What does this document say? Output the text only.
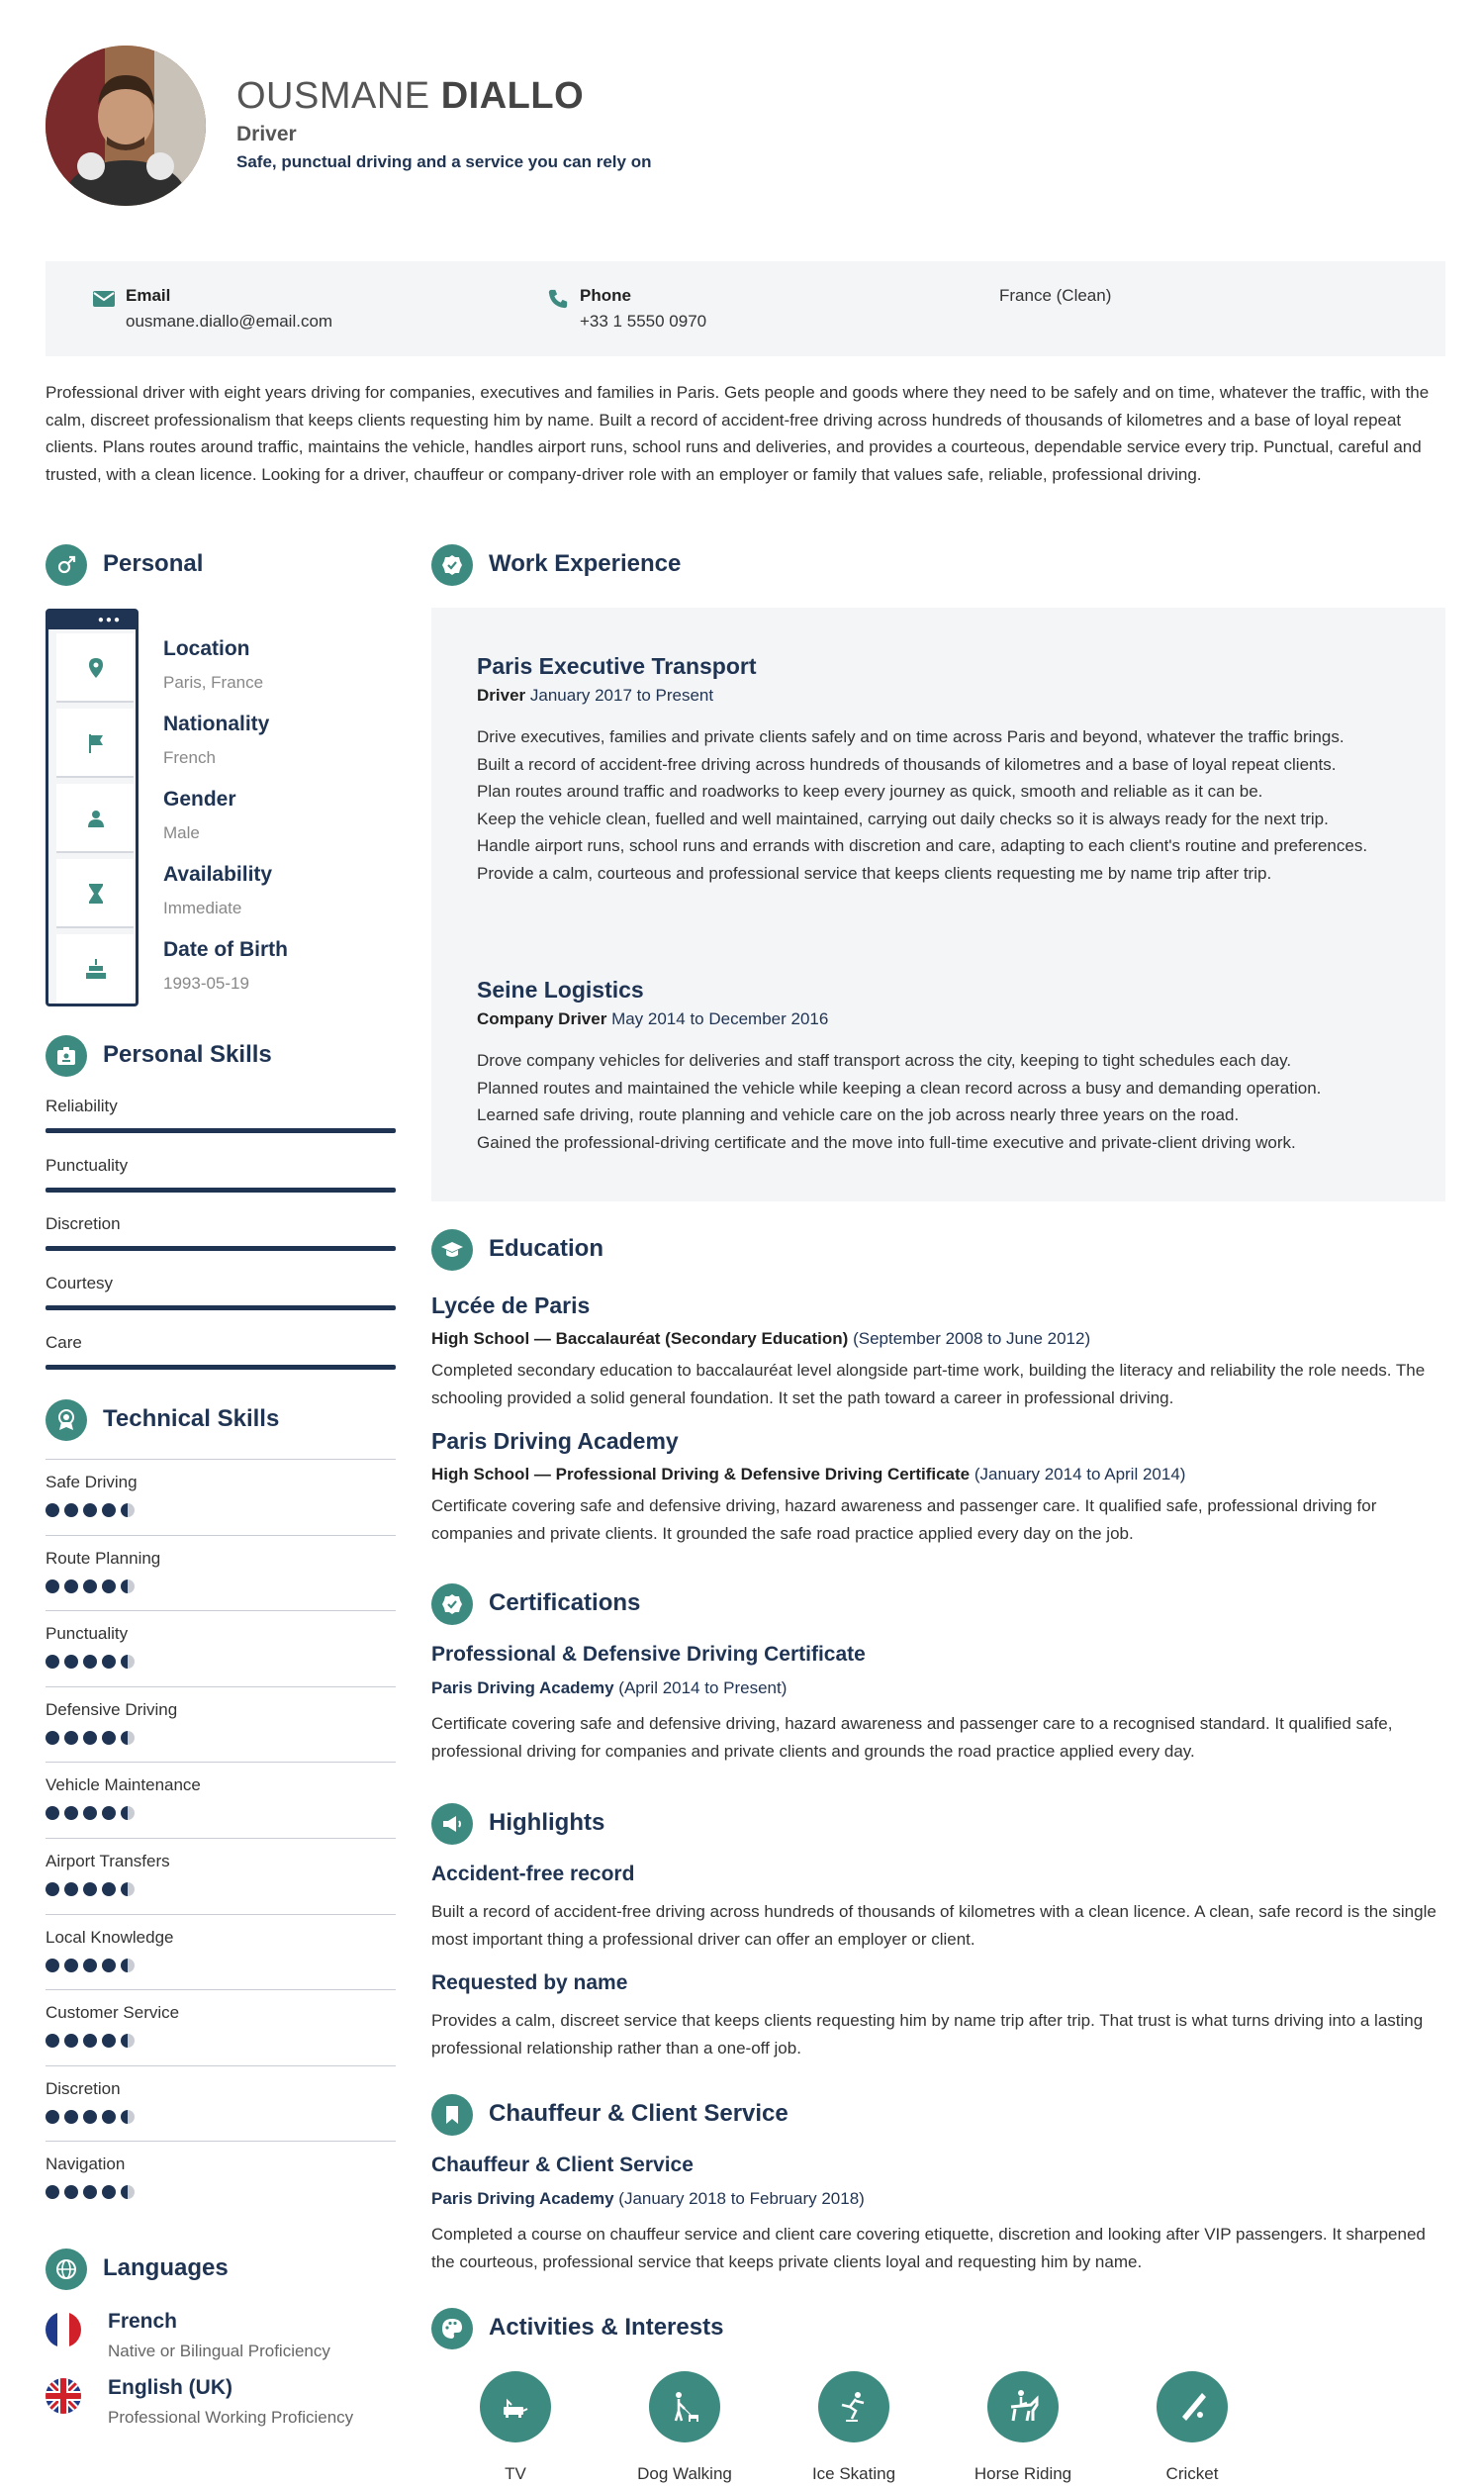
OUSMANE DIALLO
Driver
Safe, punctual driving and a service you can rely on
Email
ousmane.diallo@email.com
Phone
+33 1 5550 0970
France (Clean)
Professional driver with eight years driving for companies, executives and families in Paris. Gets people and goods where they need to be safely and on time, whatever the traffic, with the calm, discreet professionalism that keeps clients requesting him by name. Built a record of accident-free driving across hundreds of thousands of kilometres and a base of loyal repeat clients. Plans routes around traffic, maintains the vehicle, handles airport runs, school runs and deliveries, and provides a courteous, dependable service every trip. Punctual, careful and trusted, with a clean licence. Looking for a driver, chauffeur or company-driver role with an employer or family that values safe, reliable, professional driving.
Personal
●●●
Location
Paris, France
Nationality
French
Gender
Male
Availability
Immediate
Date of Birth
1993-05-19
Personal Skills
Reliability
Punctuality
Discretion
Courtesy
Care
Technical Skills
Safe Driving
Route Planning
Punctuality
Defensive Driving
Vehicle Maintenance
Airport Transfers
Local Knowledge
Customer Service
Discretion
Navigation
Languages
French
Native or Bilingual Proficiency
English (UK)
Professional Working Proficiency
Work Experience
Paris Executive Transport
Driver January 2017 to Present
Drive executives, families and private clients safely and on time across Paris and beyond, whatever the traffic brings.
Built a record of accident-free driving across hundreds of thousands of kilometres and a base of loyal repeat clients.
Plan routes around traffic and roadworks to keep every journey as quick, smooth and reliable as it can be.
Keep the vehicle clean, fuelled and well maintained, carrying out daily checks so it is always ready for the next trip.
Handle airport runs, school runs and errands with discretion and care, adapting to each client's routine and preferences.
Provide a calm, courteous and professional service that keeps clients requesting me by name trip after trip.
Seine Logistics
Company Driver May 2014 to December 2016
Drove company vehicles for deliveries and staff transport across the city, keeping to tight schedules each day.
Planned routes and maintained the vehicle while keeping a clean record across a busy and demanding operation.
Learned safe driving, route planning and vehicle care on the job across nearly three years on the road.
Gained the professional-driving certificate and the move into full-time executive and private-client driving work.
Education
Lycée de Paris
High School — Baccalauréat (Secondary Education) (September 2008 to June 2012)
Completed secondary education to baccalauréat level alongside part-time work, building the literacy and reliability the role needs. The schooling provided a solid general foundation. It set the path toward a career in professional driving.
Paris Driving Academy
High School — Professional Driving & Defensive Driving Certificate (January 2014 to April 2014)
Certificate covering safe and defensive driving, hazard awareness and passenger care. It qualified safe, professional driving for companies and private clients. It grounded the safe road practice applied every day on the job.
Certifications
Professional & Defensive Driving Certificate
Paris Driving Academy (April 2014 to Present)
Certificate covering safe and defensive driving, hazard awareness and passenger care to a recognised standard. It qualified safe, professional driving for companies and private clients and grounds the road practice applied every day.
Highlights
Accident-free record
Built a record of accident-free driving across hundreds of thousands of kilometres with a clean licence. A clean, safe record is the single most important thing a professional driver can offer an employer or client.
Requested by name
Provides a calm, discreet service that keeps clients requesting him by name trip after trip. That trust is what turns driving into a lasting professional relationship rather than a one-off job.
Chauffeur & Client Service
Chauffeur & Client Service
Paris Driving Academy (January 2018 to February 2018)
Completed a course on chauffeur service and client care covering etiquette, discretion and looking after VIP passengers. It sharpened the courteous, professional service that keeps private clients loyal and requesting him by name.
Activities & Interests
TV	Dog Walking	Ice Skating	Horse Riding	Cricket
